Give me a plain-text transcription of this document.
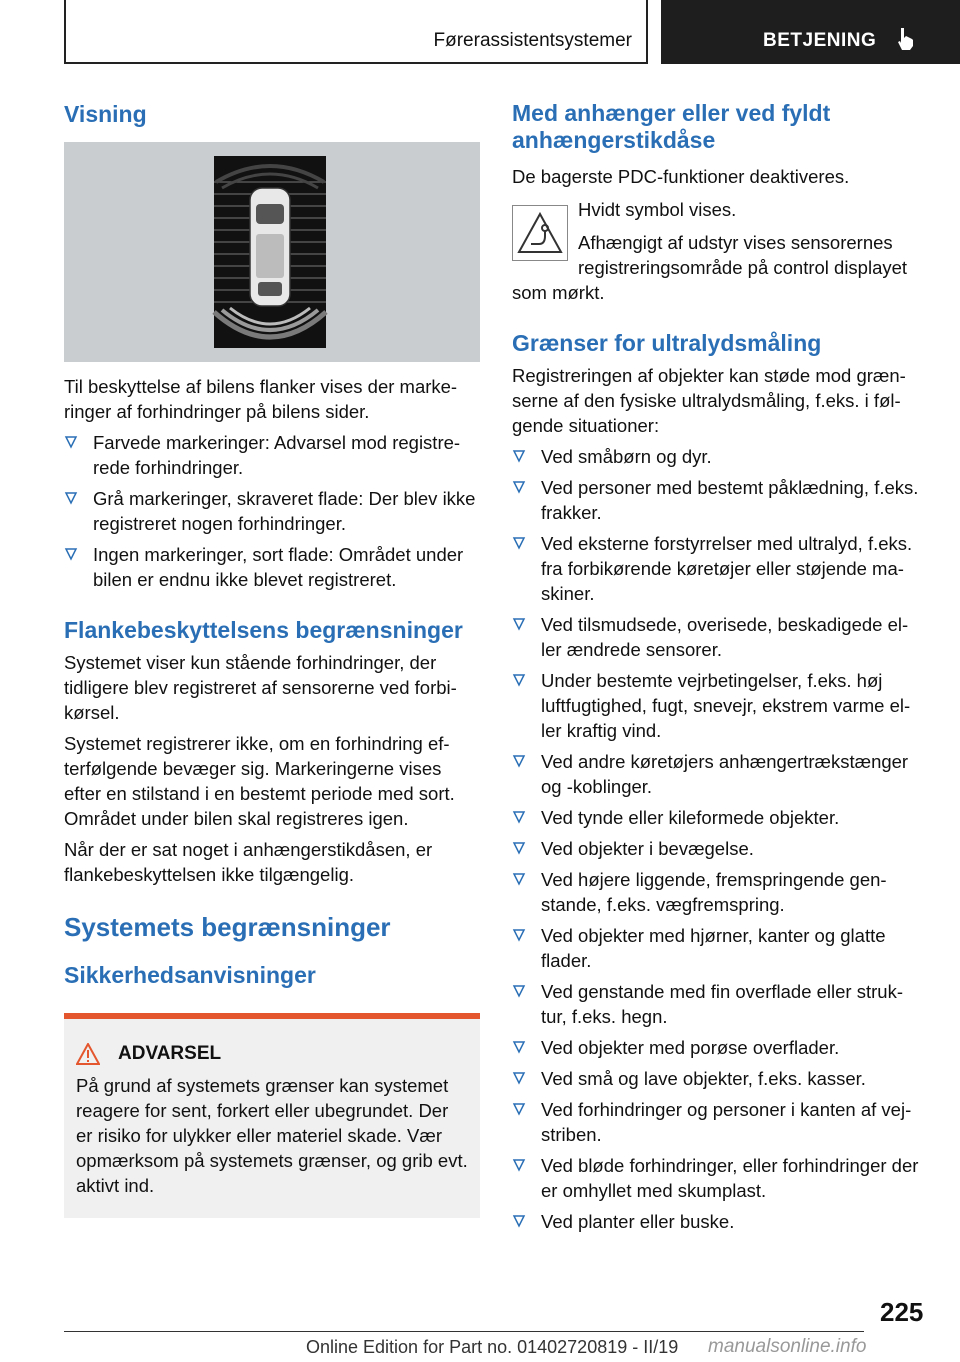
Førerassistentsystemer	BETJENING
Visning

Til beskyttelse af bilens flanker vises der marke-ringer af forhindringer på bilens sider.

Farvede markeringer: Advarsel mod registre-rede forhindringer.
Grå markeringer, skraveret flade: Der blev ikke registreret nogen forhindringer.
Ingen markeringer, sort flade: Området under bilen er endnu ikke blevet registreret.
Flankebeskyttelsens begrænsninger

Systemet viser kun stående forhindringer, der tidligere blev registreret af sensorerne ved forbi-kørsel.

Systemet registrerer ikke, om en forhindring ef-terfølgende bevæger sig. Markeringerne vises efter en stilstand i en bestemt periode med sort. Området under bilen skal registreres igen.

Når der er sat noget i anhængerstikdåsen, er flankebeskyttelsen ikke tilgængelig.

Systemets begrænsninger
Sikkerhedsanvisninger
ADVARSEL

På grund af systemets grænser kan systemet reagere for sent, forkert eller ubegrundet. Der er risiko for ulykker eller materiel skade. Vær opmærksom på systemets grænser, og grib evt. aktivt ind.

Med anhænger eller ved fyldt anhængerstikdåse

De bagerste PDC-funktioner deaktiveres.

Hvidt symbol vises.

Afhængigt af udstyr vises sensorernes registreringsområde på control displayet

som mørkt.

Grænser for ultralydsmåling

Registreringen af objekter kan støde mod græn-serne af den fysiske ultralydsmåling, f.eks. i føl-gende situationer:

Ved småbørn og dyr.
Ved personer med bestemt påklædning, f.eks. frakker.
Ved eksterne forstyrrelser med ultralyd, f.eks. fra forbikørende køretøjer eller støjende ma-skiner.
Ved tilsmudsede, overisede, beskadigede el-ler ændrede sensorer.
Under bestemte vejrbetingelser, f.eks. høj luftfugtighed, fugt, snevejr, ekstrem varme el-ler kraftig vind.
Ved andre køretøjers anhængertrækstænger og -koblinger.
Ved tynde eller kileformede objekter.
Ved objekter i bevægelse.
Ved højere liggende, fremspringende gen-stande, f.eks. vægfremspring.
Ved objekter med hjørner, kanter og glatte flader.
Ved genstande med fin overflade eller struk-tur, f.eks. hegn.
Ved objekter med porøse overflader.
Ved små og lave objekter, f.eks. kasser.
Ved forhindringer og personer i kanten af vej-striben.
Ved bløde forhindringer, eller forhindringer der er omhyllet med skumplast.
Ved planter eller buske.
225
Online Edition for Part no. 01402720819 - II/19 manualsonline.info
